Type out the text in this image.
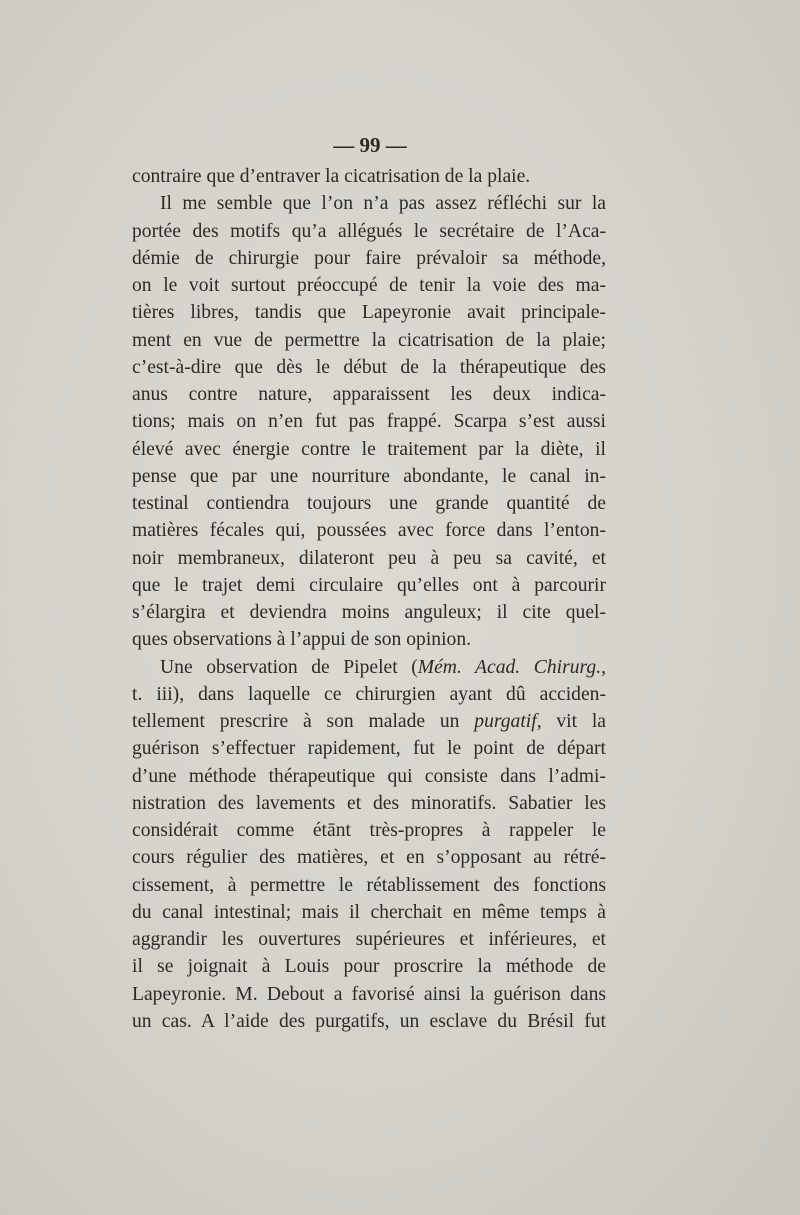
— 99 —
contraire que d’entraver la cicatrisation de la plaie.
Il me semble que l’on n’a pas assez réfléchi sur la
portée des motifs qu’a allégués le secrétaire de l’Aca-
démie de chirurgie pour faire prévaloir sa méthode,
on le voit surtout préoccupé de tenir la voie des ma-
tières libres, tandis que Lapeyronie avait principale-
ment en vue de permettre la cicatrisation de la plaie;
c’est-à-dire que dès le début de la thérapeutique des
anus contre nature, apparaissent les deux indica-
tions; mais on n’en fut pas frappé. Scarpa s’est aussi
élevé avec énergie contre le traitement par la diète, il
pense que par une nourriture abondante, le canal in-
testinal contiendra toujours une grande quantité de
matières fécales qui, poussées avec force dans l’enton-
noir membraneux, dilateront peu à peu sa cavité, et
que le trajet demi circulaire qu’elles ont à parcourir
s’élargira et deviendra moins anguleux; il cite quel-
ques observations à l’appui de son opinion.
Une observation de Pipelet (Mém. Acad. Chirurg.,
t. iii), dans laquelle ce chirurgien ayant dû acciden-
tellement prescrire à son malade un purgatif, vit la
guérison s’effectuer rapidement, fut le point de départ
d’une méthode thérapeutique qui consiste dans l’admi-
nistration des lavements et des minoratifs. Sabatier les
considérait comme étānt très-propres à rappeler le
cours régulier des matières, et en s’opposant au rétré-
cissement, à permettre le rétablissement des fonctions
du canal intestinal; mais il cherchait en même temps à
aggrandir les ouvertures supérieures et inférieures, et
il se joignait à Louis pour proscrire la méthode de
Lapeyronie. M. Debout a favorisé ainsi la guérison dans
un cas. A l’aide des purgatifs, un esclave du Brésil fut
